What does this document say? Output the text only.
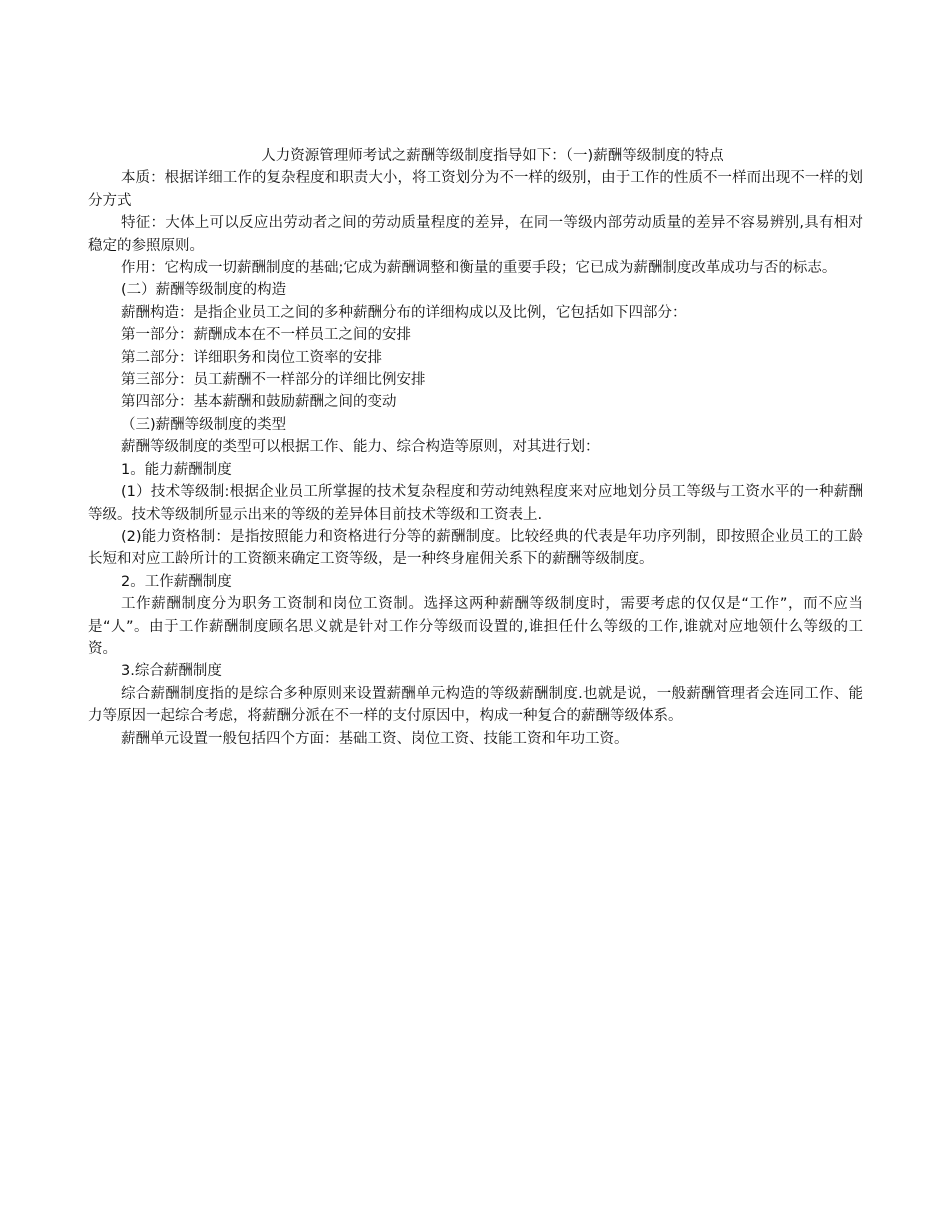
人力资源管理师考试之薪酬等级制度指导如下：（一)薪酬等级制度的特点

本质：根据详细工作的复杂程度和职责大小，将工资划分为不一样的级别，由于工作的性质不一样而出现不一样的划分方式

特征：大体上可以反应出劳动者之间的劳动质量程度的差异，在同一等级内部劳动质量的差异不容易辨别,具有相对稳定的参照原则。

作用：它构成一切薪酬制度的基础;它成为薪酬调整和衡量的重要手段；它已成为薪酬制度改革成功与否的标志。

(二）薪酬等级制度的构造

薪酬构造：是指企业员工之间的多种薪酬分布的详细构成以及比例，它包括如下四部分：

第一部分：薪酬成本在不一样员工之间的安排

第二部分：详细职务和岗位工资率的安排

第三部分：员工薪酬不一样部分的详细比例安排

第四部分：基本薪酬和鼓励薪酬之间的变动

（三)薪酬等级制度的类型

薪酬等级制度的类型可以根据工作、能力、综合构造等原则，对其进行划：

1。能力薪酬制度

(1）技术等级制:根据企业员工所掌握的技术复杂程度和劳动纯熟程度来对应地划分员工等级与工资水平的一种薪酬等级。技术等级制所显示出来的等级的差异体目前技术等级和工资表上.

(2)能力资格制：是指按照能力和资格进行分等的薪酬制度。比较经典的代表是年功序列制，即按照企业员工的工龄长短和对应工龄所计的工资额来确定工资等级，是一种终身雇佣关系下的薪酬等级制度。

2。工作薪酬制度

工作薪酬制度分为职务工资制和岗位工资制。选择这两种薪酬等级制度时，需要考虑的仅仅是“工作”，而不应当是“人”。由于工作薪酬制度顾名思义就是针对工作分等级而设置的,谁担任什么等级的工作,谁就对应地领什么等级的工资。

3.综合薪酬制度

综合薪酬制度指的是综合多种原则来设置薪酬单元构造的等级薪酬制度.也就是说，一般薪酬管理者会连同工作、能力等原因一起综合考虑，将薪酬分派在不一样的支付原因中，构成一种复合的薪酬等级体系。

薪酬单元设置一般包括四个方面：基础工资、岗位工资、技能工资和年功工资。
